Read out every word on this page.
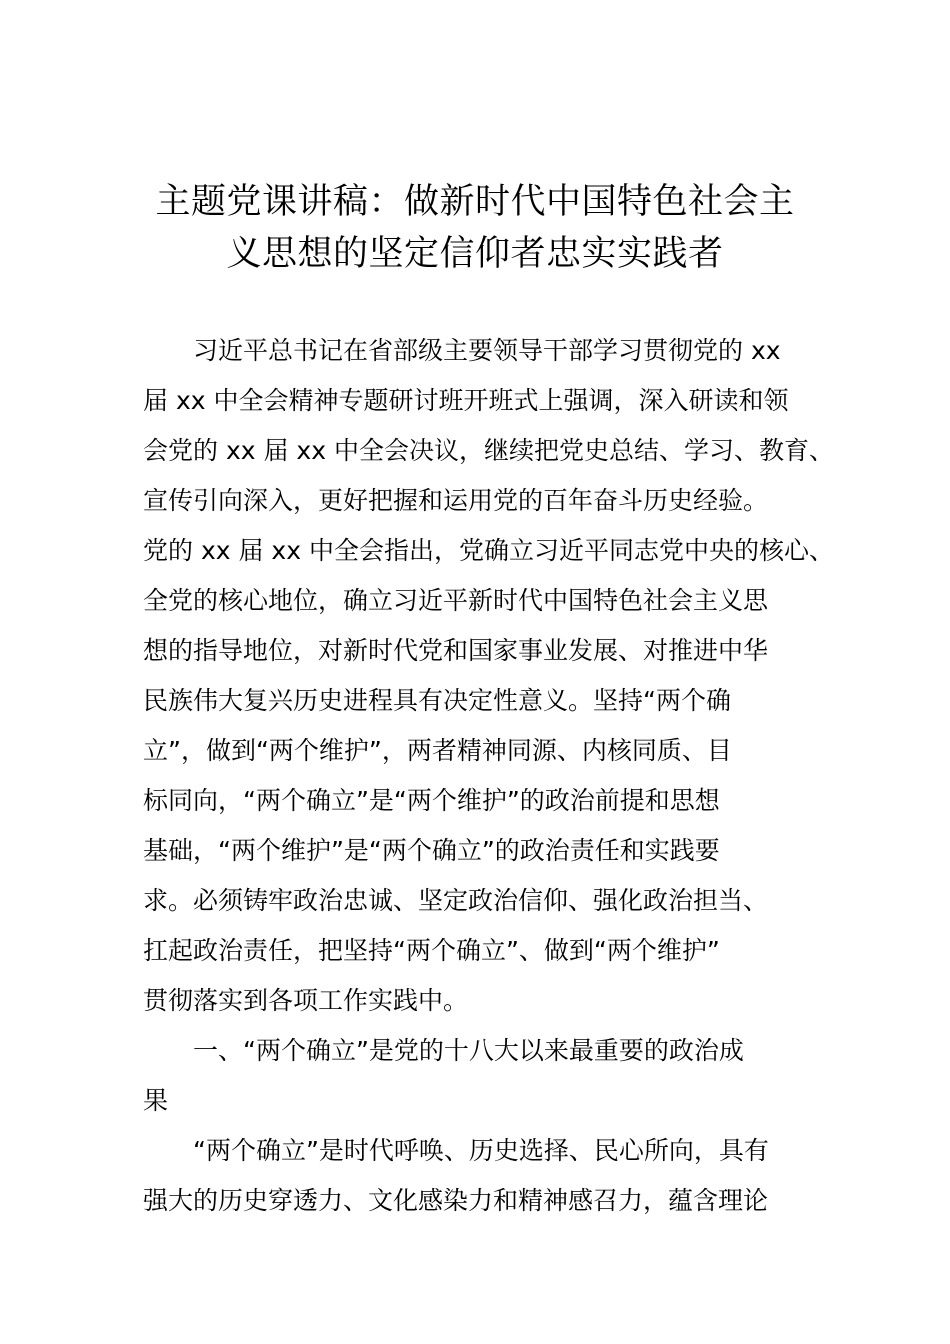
主题党课讲稿：做新时代中国特色社会主
义思想的坚定信仰者忠实实践者
习近平总书记在省部级主要领导干部学习贯彻党的 xx
届 xx 中全会精神专题研讨班开班式上强调，深入研读和领
会党的 xx 届 xx 中全会决议，继续把党史总结、学习、教育、
宣传引向深入，更好把握和运用党的百年奋斗历史经验。
党的 xx 届 xx 中全会指出，党确立习近平同志党中央的核心、
全党的核心地位，确立习近平新时代中国特色社会主义思
想的指导地位，对新时代党和国家事业发展、对推进中华
民族伟大复兴历史进程具有决定性意义。坚持“两个确
立”，做到“两个维护”，两者精神同源、内核同质、目
标同向，“两个确立”是“两个维护”的政治前提和思想
基础，“两个维护”是“两个确立”的政治责任和实践要
求。必须铸牢政治忠诚、坚定政治信仰、强化政治担当、
扛起政治责任，把坚持“两个确立”、做到“两个维护”
贯彻落实到各项工作实践中。
一、“两个确立”是党的十八大以来最重要的政治成
果
“两个确立”是时代呼唤、历史选择、民心所向，具有
强大的历史穿透力、文化感染力和精神感召力，蕴含理论
